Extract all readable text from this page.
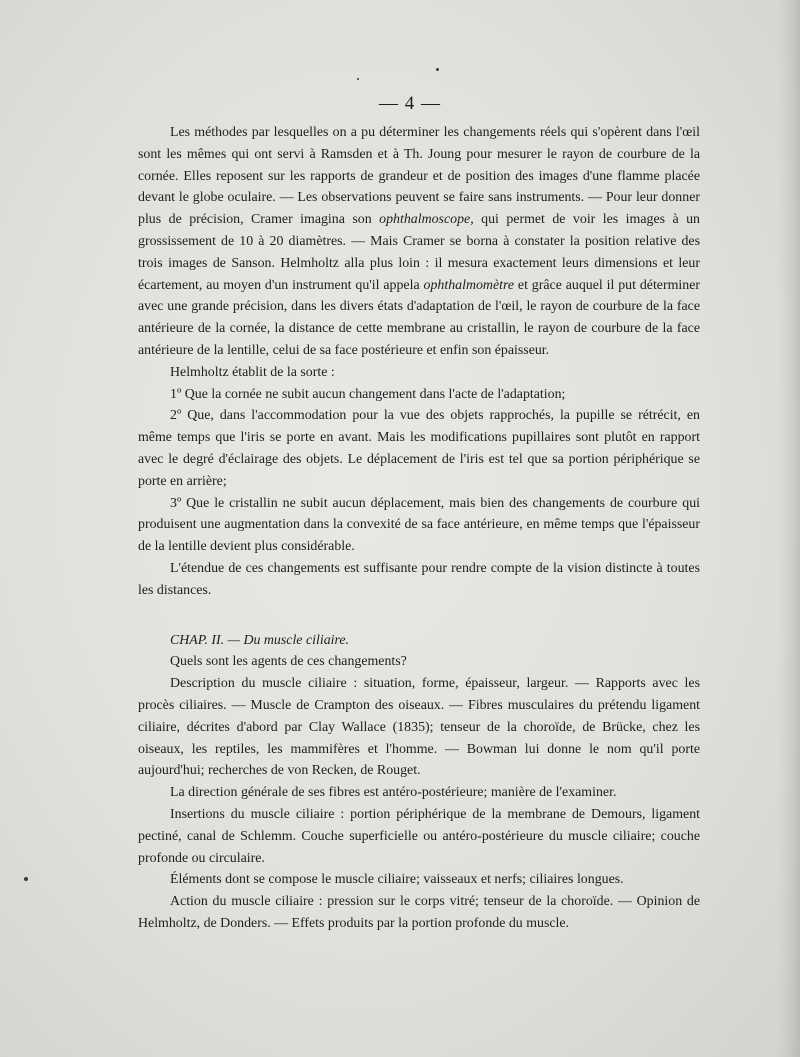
— 4 —

Les méthodes par lesquelles on a pu déterminer les changements réels qui s'opèrent dans l'œil sont les mêmes qui ont servi à Ramsden et à Th. Joung pour mesurer le rayon de courbure de la cornée. Elles reposent sur les rapports de grandeur et de position des images d'une flamme placée devant le globe oculaire. — Les observations peuvent se faire sans instruments. — Pour leur donner plus de précision, Cramer imagina son ophthalmoscope, qui permet de voir les images à un grossissement de 10 à 20 diamètres. — Mais Cramer se borna à constater la position relative des trois images de Sanson. Helmholtz alla plus loin : il mesura exactement leurs dimensions et leur écartement, au moyen d'un instrument qu'il appela ophthalmomètre et grâce auquel il put déterminer avec une grande précision, dans les divers états d'adaptation de l'œil, le rayon de courbure de la face antérieure de la cornée, la distance de cette membrane au cristallin, le rayon de courbure de la face antérieure de la lentille, celui de sa face postérieure et enfin son épaisseur.

Helmholtz établit de la sorte :

1º Que la cornée ne subit aucun changement dans l'acte de l'adaptation;

2º Que, dans l'accommodation pour la vue des objets rapprochés, la pupille se rétrécit, en même temps que l'iris se porte en avant. Mais les modifications pupillaires sont plutôt en rapport avec le degré d'éclairage des objets. Le déplacement de l'iris est tel que sa portion périphérique se porte en arrière;

3º Que le cristallin ne subit aucun déplacement, mais bien des changements de courbure qui produisent une augmentation dans la convexité de sa face antérieure, en même temps que l'épaisseur de la lentille devient plus considérable.

L'étendue de ces changements est suffisante pour rendre compte de la vision distincte à toutes les distances.

CHAP. II. — Du muscle ciliaire.

Quels sont les agents de ces changements?

Description du muscle ciliaire : situation, forme, épaisseur, largeur. — Rapports avec les procès ciliaires. — Muscle de Crampton des oiseaux. — Fibres musculaires du prétendu ligament ciliaire, décrites d'abord par Clay Wallace (1835); tenseur de la choroïde, de Brücke, chez les oiseaux, les reptiles, les mammifères et l'homme. — Bowman lui donne le nom qu'il porte aujourd'hui; recherches de von Recken, de Rouget.

La direction générale de ses fibres est antéro-postérieure; manière de l'examiner.

Insertions du muscle ciliaire : portion périphérique de la membrane de Demours, ligament pectiné, canal de Schlemm. Couche superficielle ou antéro-postérieure du muscle ciliaire; couche profonde ou circulaire.

Éléments dont se compose le muscle ciliaire; vaisseaux et nerfs; ciliaires longues.

Action du muscle ciliaire : pression sur le corps vitré; tenseur de la choroïde. — Opinion de Helmholtz, de Donders. — Effets produits par la portion profonde du muscle.
